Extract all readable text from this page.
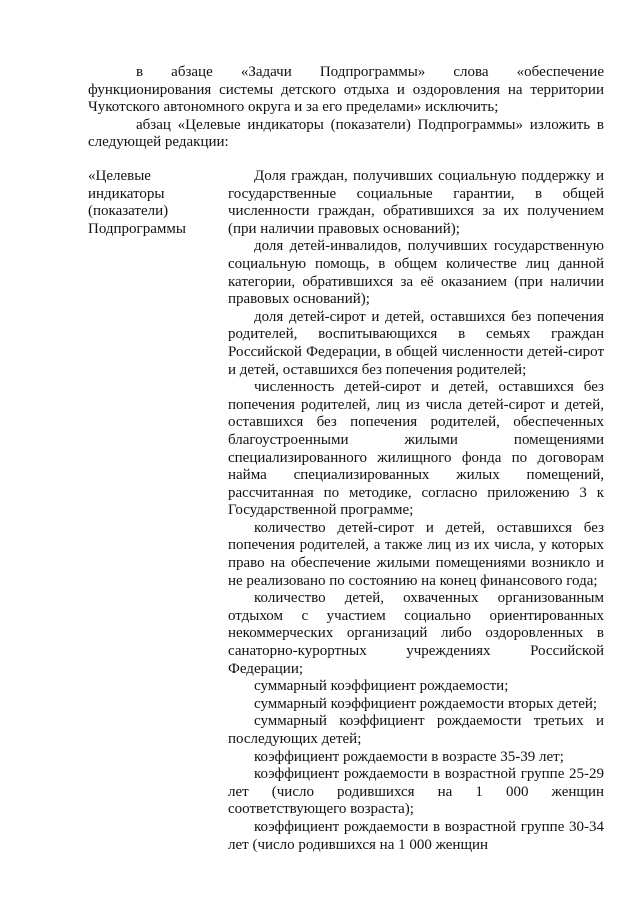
в абзаце «Задачи Подпрограммы» слова «обеспечение функционирования системы детского отдыха и оздоровления на территории Чукотского автономного округа и за его пределами» исключить;

абзац «Целевые индикаторы (показатели) Подпрограммы» изложить в следующей редакции:

«Целевые
индикаторы
(показатели)
Подпрограммы

Доля граждан, получивших социальную поддержку и государственные социальные гарантии, в общей численности граждан, обратившихся за их получением (при наличии правовых оснований);

доля детей-инвалидов, получивших государственную социальную помощь, в общем количестве лиц данной категории, обратившихся за её оказанием (при наличии правовых оснований);

доля детей-сирот и детей, оставшихся без попечения родителей, воспитывающихся в семьях граждан Российской Федерации, в общей численности детей-сирот и детей, оставшихся без попечения родителей;

численность детей-сирот и детей, оставшихся без попечения родителей, лиц из числа детей-сирот и детей, оставшихся без попечения родителей, обеспеченных благоустроенными жилыми помещениями специализированного жилищного фонда по договорам найма специализированных жилых помещений, рассчитанная по методике, согласно приложению 3 к Государственной программе;

количество детей-сирот и детей, оставшихся без попечения родителей, а также лиц из их числа, у которых право на обеспечение жилыми помещениями возникло и не реализовано по состоянию на конец финансового года;

количество детей, охваченных организованным отдыхом с участием социально ориентированных некоммерческих организаций либо оздоровленных в санаторно-курортных учреждениях Российской Федерации;

суммарный коэффициент рождаемости;

суммарный коэффициент рождаемости вторых детей;

суммарный коэффициент рождаемости третьих и последующих детей;

коэффициент рождаемости в возрасте 35-39 лет;

коэффициент рождаемости в возрастной группе 25-29 лет (число родившихся на 1 000 женщин соответствующего возраста);

коэффициент рождаемости в возрастной группе 30-34 лет (число родившихся на 1 000 женщин
